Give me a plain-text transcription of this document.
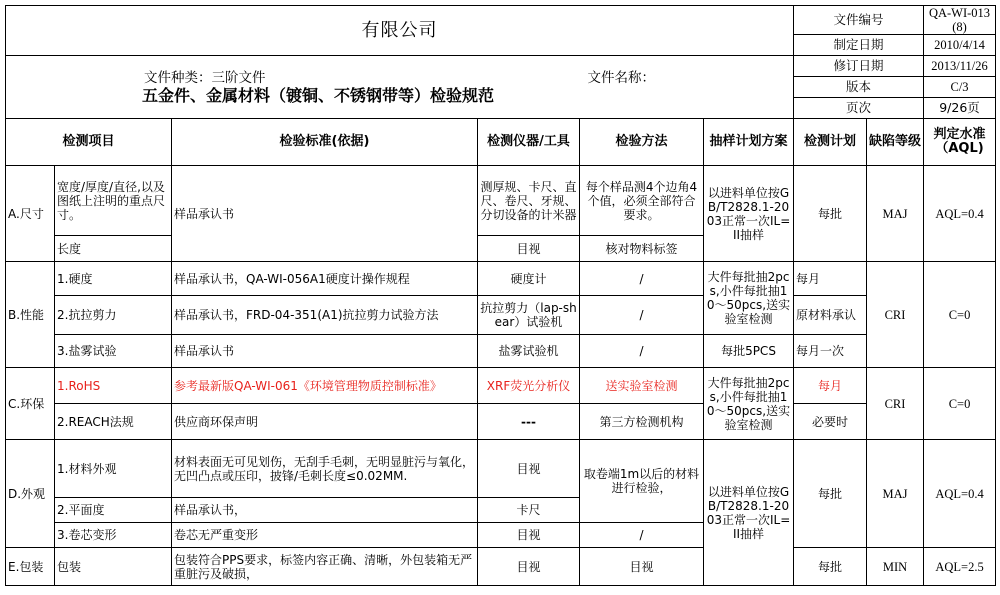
有限公司						文件编号		QA-WI-013(8)
						制定日期		2010/4/14

文件种类：三阶文件 文件名称：
五金件、金属材料（镀铜、不锈钢带等）检验规范						修订日期		2013/11/26
						版本		C/3
						页次		9/26页
检测项目		检验标准(依据)	检测仪器/工具	检验方法	抽样计划方案	检测计划	缺陷等级	判定水准（AQL)
A.尺寸	宽度/厚度/直径,以及图纸上注明的重点尺寸。	样品承认书	测厚规、卡尺、直尺、卷尺、牙规、分切设备的计米器	每个样品测4个边角4个值，必须全部符合要求。	以进料单位按GB/T2828.1-2003正常一次IL=II抽样	每批	MAJ	AQL=0.4
	长度		目视	核对物料标签				
B.性能	1.硬度	样品承认书，QA-WI-056A1硬度计操作规程	硬度计	/	大件每批抽2pcs,小件每批抽10～50pcs,送实验室检测	每月	CRI	C=0
	2.抗拉剪力	样品承认书，FRD-04-351(A1)抗拉剪力试验方法	抗拉剪力（lap-shear）试验机	/		原材料承认		
	3.盐雾试验	样品承认书	盐雾试验机	/	每批5PCS	每月一次		
C.环保	1.RoHS	参考最新版QA-WI-061《环境管理物质控制标准》	XRF荧光分析仪	送实验室检测	大件每批抽2pcs,小件每批抽10～50pcs,送实验室检测	每月	CRI	C=0
	2.REACH法规	供应商环保声明	---	第三方检测机构		必要时		
D.外观	1.材料外观	材料表面无可见划伤，无刮手毛刺，无明显脏污与氧化，无凹凸点或压印，披锋/毛刺长度≤0.02MM.	目视	取卷端1m以后的材料进行检验，	以进料单位按GB/T2828.1-2003正常一次IL=II抽样	每批	MAJ	AQL=0.4
	2.平面度	样品承认书，	卡尺					
	3.卷芯变形	卷芯无严重变形	目视	/				
E.包装	包装	包装符合PPS要求，标签内容正确、清晰，外包装箱无严重脏污及破损，	目视	目视		每批	MIN	AQL=2.5
